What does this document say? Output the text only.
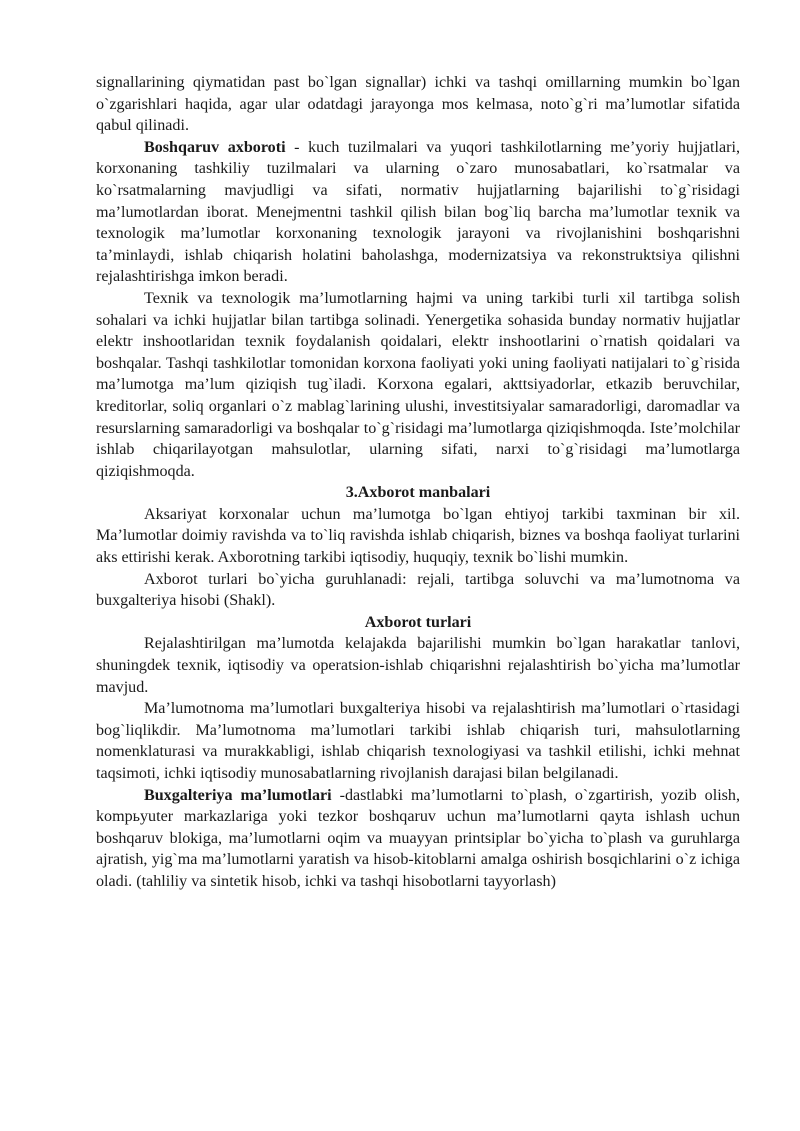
signallarining qiymatidan past bo`lgan signallar) ichki va tashqi omillarning mumkin bo`lgan o`zgarishlari haqida, agar ular odatdagi jarayonga mos kelmasa, noto`g`ri ma’lumotlar sifatida qabul qilinadi.

Boshqaruv axboroti - kuch tuzilmalari va yuqori tashkilotlarning me’yoriy hujjatlari, korxonaning tashkiliy tuzilmalari va ularning o`zaro munosabatlari, ko`rsatmalar va ko`rsatmalarning mavjudligi va sifati, normativ hujjatlarning bajarilishi to`g`risidagi ma’lumotlardan iborat. Menejmentni tashkil qilish bilan bog`liq barcha ma’lumotlar texnik va texnologik ma’lumotlar korxonaning texnologik jarayoni va rivojlanishini boshqarishni ta’minlaydi, ishlab chiqarish holatini baholashga, modernizatsiya va rekonstruktsiya qilishni rejalashtirishga imkon beradi.

Texnik va texnologik ma’lumotlarning hajmi va uning tarkibi turli xil tartibga solish sohalari va ichki hujjatlar bilan tartibga solinadi. Yenergetika sohasida bunday normativ hujjatlar elektr inshootlaridan texnik foydalanish qoidalari, elektr inshootlarini o`rnatish qoidalari va boshqalar. Tashqi tashkilotlar tomonidan korxona faoliyati yoki uning faoliyati natijalari to`g`risida ma’lumotga ma’lum qiziqish tug`iladi. Korxona egalari, akttsiyadorlar, etkazib beruvchilar, kreditorlar, soliq organlari o`z mablag`larining ulushi, investitsiyalar samaradorligi, daromadlar va resurslarning samaradorligi va boshqalar to`g`risidagi ma’lumotlarga qiziqishmoqda. Iste’molchilar ishlab chiqarilayotgan mahsulotlar, ularning sifati, narxi to`g`risidagi ma’lumotlarga qiziqishmoqda.

3.Axborot manbalari

Aksariyat korxonalar uchun ma’lumotga bo`lgan ehtiyoj tarkibi taxminan bir xil. Ma’lumotlar doimiy ravishda va to`liq ravishda ishlab chiqarish, biznes va boshqa faoliyat turlarini aks ettirishi kerak. Axborotning tarkibi iqtisodiy, huquqiy, texnik bo`lishi mumkin.

Axborot turlari bo`yicha guruhlanadi: rejali, tartibga soluvchi va ma’lumotnoma va buxgalteriya hisobi (Shakl).

Axborot turlari

Rejalashtirilgan ma’lumotda kelajakda bajarilishi mumkin bo`lgan harakatlar tanlovi, shuningdek texnik, iqtisodiy va operatsion-ishlab chiqarishni rejalashtirish bo`yicha ma’lumotlar mavjud.

Ma’lumotnoma ma’lumotlari buxgalteriya hisobi va rejalashtirish ma’lumotlari o`rtasidagi bog`liqlikdir. Ma’lumotnoma ma’lumotlari tarkibi ishlab chiqarish turi, mahsulotlarning nomenklaturasi va murakkabligi, ishlab chiqarish texnologiyasi va tashkil etilishi, ichki mehnat taqsimoti, ichki iqtisodiy munosabatlarning rivojlanish darajasi bilan belgilanadi.

Buxgalteriya ma’lumotlari -dastlabki ma’lumotlarni to`plash, o`zgartirish, yozib olish, kompьyuter markazlariga yoki tezkor boshqaruv uchun ma’lumotlarni qayta ishlash uchun boshqaruv blokiga, ma’lumotlarni oqim va muayyan printsiplar bo`yicha to`plash va guruhlarga ajratish, yig`ma ma’lumotlarni yaratish va hisob-kitoblarni amalga oshirish bosqichlarini o`z ichiga oladi. (tahliliy va sintetik hisob, ichki va tashqi hisobotlarni tayyorlash)
